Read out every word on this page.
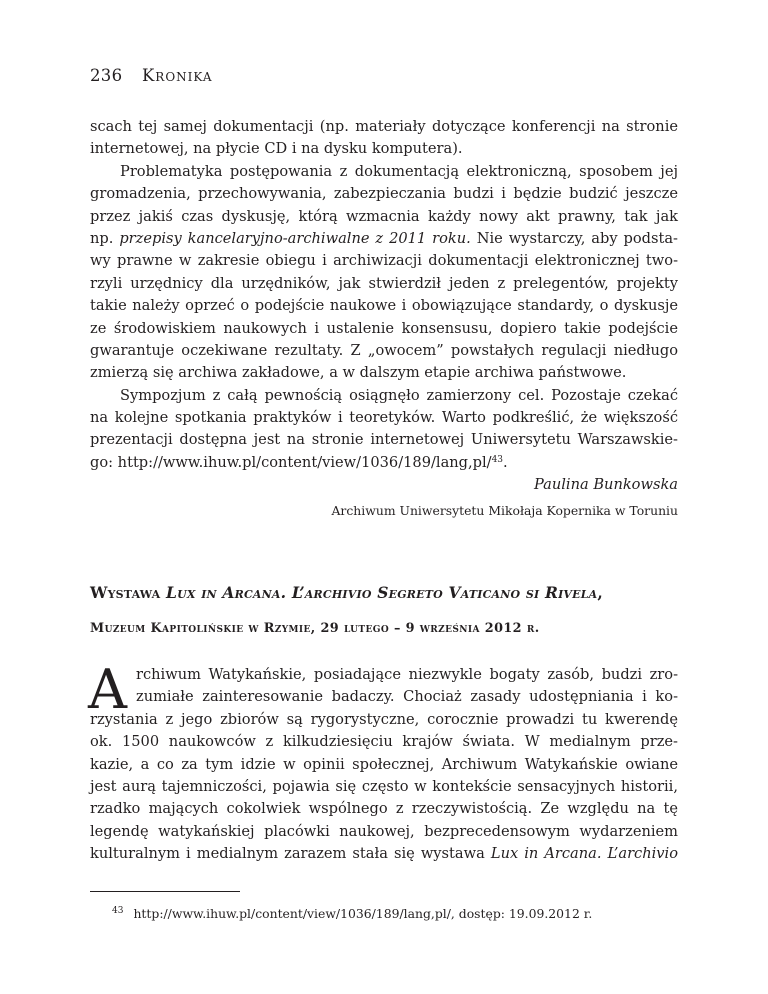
236 Kronika
scach tej samej dokumentacji (np. materiały dotyczące konferencji na stronie
internetowej, na płycie CD i na dysku komputera).
Problematyka postępowania z dokumentacją elektroniczną, sposobem jej
gromadzenia, przechowywania, zabezpieczania budzi i będzie budzić jeszcze
przez jakiś czas dyskusję, którą wzmacnia każdy nowy akt prawny, tak jak
np. przepisy kancelaryjno-archiwalne z 2011 roku. Nie wystarczy, aby podsta-
wy prawne w zakresie obiegu i archiwizacji dokumentacji elektronicznej two-
rzyli urzędnicy dla urzędników, jak stwierdził jeden z prelegentów, projekty
takie należy oprzeć o podejście naukowe i obowiązujące standardy, o dyskusje
ze środowiskiem naukowych i ustalenie konsensusu, dopiero takie podejście
gwarantuje oczekiwane rezultaty. Z „owocem” powstałych regulacji niedługo
zmierzą się archiwa zakładowe, a w dalszym etapie archiwa państwowe.
Sympozjum z całą pewnością osiągnęło zamierzony cel. Pozostaje czekać
na kolejne spotkania praktyków i teoretyków. Warto podkreślić, że większość
prezentacji dostępna jest na stronie internetowej Uniwersytetu Warszawskie-
go: http://www.ihuw.pl/content/view/1036/189/lang,pl/$^{43}$.
Paulina Bunkowska
Archiwum Uniwersytetu Mikołaja Kopernika w Toruniu
Wystawa Lux in Arcana. L’archivio Segreto Vaticano si Rivela,
Muzeum Kapitolińskie w Rzymie, 29 lutego – 9 września 2012 r.
A rchiwum Watykańskie, posiadające niezwykle bogaty zasób, budzi zro-
zumiałe zainteresowanie badaczy. Chociaż zasady udostępniania i ko-
rzystania z jego zbiorów są rygorystyczne, corocznie prowadzi tu kwerendę
ok. 1500 naukowców z kilkudziesięciu krajów świata. W medialnym prze-
kazie, a co za tym idzie w opinii społecznej, Archiwum Watykańskie owiane
jest aurą tajemniczości, pojawia się często w kontekście sensacyjnych historii,
rzadko mających cokolwiek wspólnego z rzeczywistością. Ze względu na tę
legendę watykańskiej placówki naukowej, bezprecedensowym wydarzeniem
kulturalnym i medialnym zarazem stała się wystawa Lux in Arcana. L’archivio
$^{43}$ http://www.ihuw.pl/content/view/1036/189/lang,pl/, dostęp: 19.09.2012 r.
